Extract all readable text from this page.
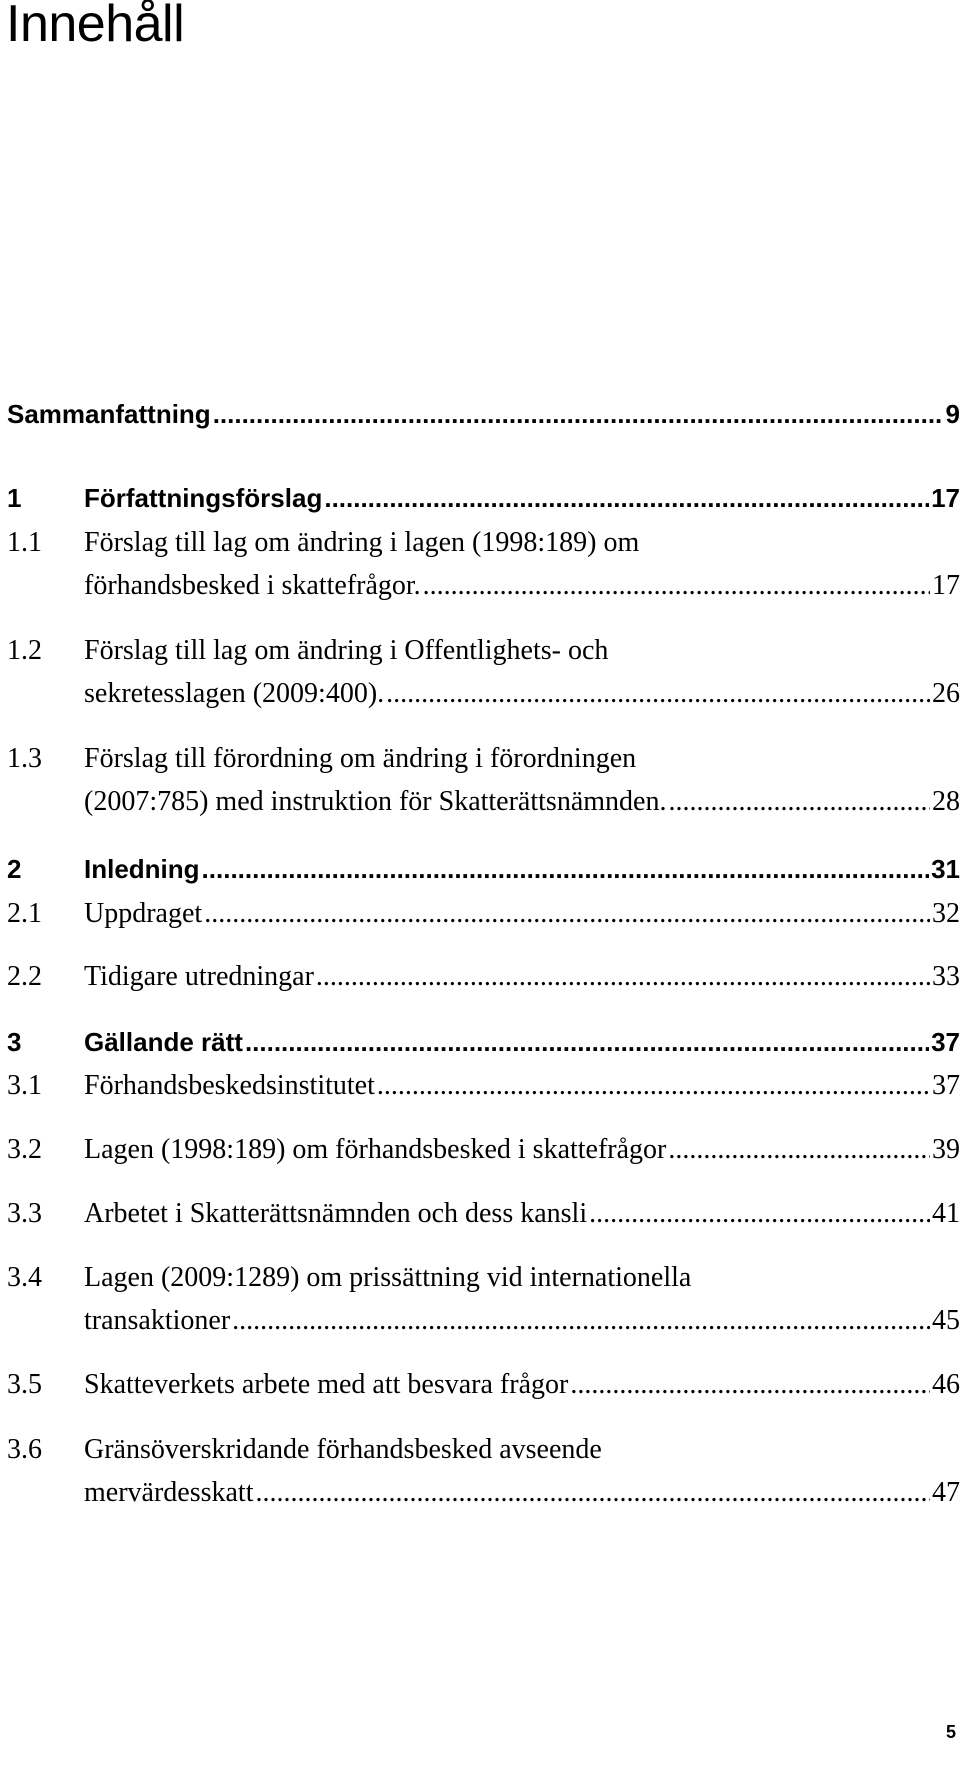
Innehåll
Sammanfattning .....	9
1 Författningsförslag .....	17
1.1 Förslag till lag om ändring i lagen (1998:189) om
förhandsbesked i skattefrågor. .....	17
1.2 Förslag till lag om ändring i Offentlighets- och
sekretesslagen (2009:400). .....	26
1.3 Förslag till förordning om ändring i förordningen
(2007:785) med instruktion för Skatterättsnämnden. .....	28
2 Inledning .....	31
2.1 Uppdraget .....	32
2.2 Tidigare utredningar .....	33
3 Gällande rätt .....	37
3.1 Förhandsbeskedsinstitutet .....	37
3.2 Lagen (1998:189) om förhandsbesked i skattefrågor .....	39
3.3 Arbetet i Skatterättsnämnden och dess kansli .....	41
3.4 Lagen (2009:1289) om prissättning vid internationella
transaktioner .....	45
3.5 Skatteverkets arbete med att besvara frågor .....	46
3.6 Gränsöverskridande förhandsbesked avseende
mervärdesskatt .....	47
5
